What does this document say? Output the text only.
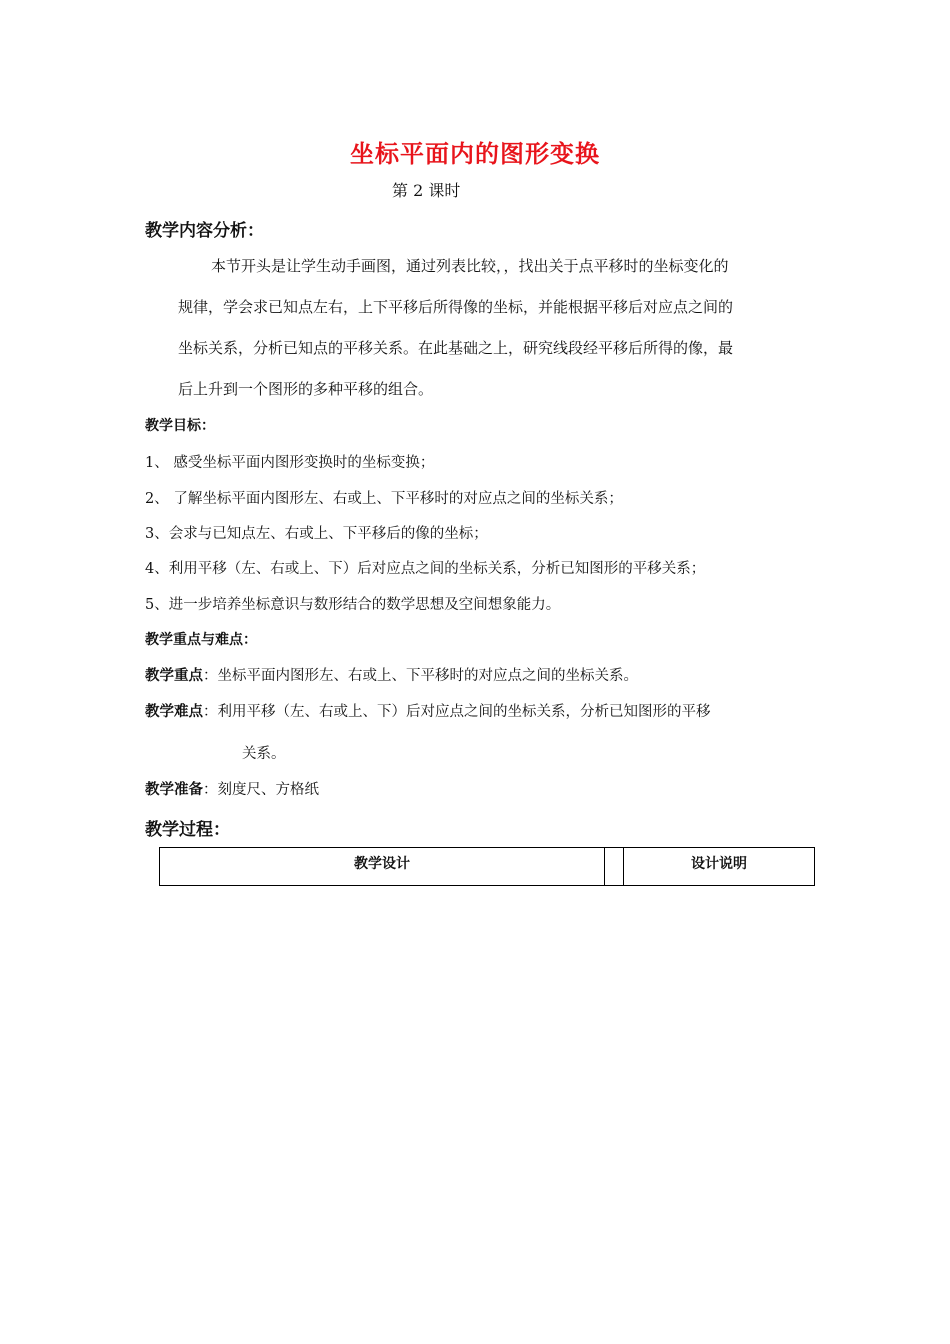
坐标平面内的图形变换
第 2 课时
教学内容分析：
本节开头是让学生动手画图，通过列表比较，，找出关于点平移时的坐标变化的
规律，学会求已知点左右，上下平移后所得像的坐标，并能根据平移后对应点之间的
坐标关系，分析已知点的平移关系。在此基础之上，研究线段经平移后所得的像，最
后上升到一个图形的多种平移的组合。
教学目标：
1、 感受坐标平面内图形变换时的坐标变换；
2、 了解坐标平面内图形左、右或上、下平移时的对应点之间的坐标关系；
3、会求与已知点左、右或上、下平移后的像的坐标；
4、利用平移（左、右或上、下）后对应点之间的坐标关系，分析已知图形的平移关系；
5、进一步培养坐标意识与数形结合的数学思想及空间想象能力。
教学重点与难点：
教学重点：坐标平面内图形左、右或上、下平移时的对应点之间的坐标关系。
教学难点：利用平移（左、右或上、下）后对应点之间的坐标关系，分析已知图形的平移
关系。
教学准备：刻度尺、方格纸
教学过程：
教学设计		设计说明
